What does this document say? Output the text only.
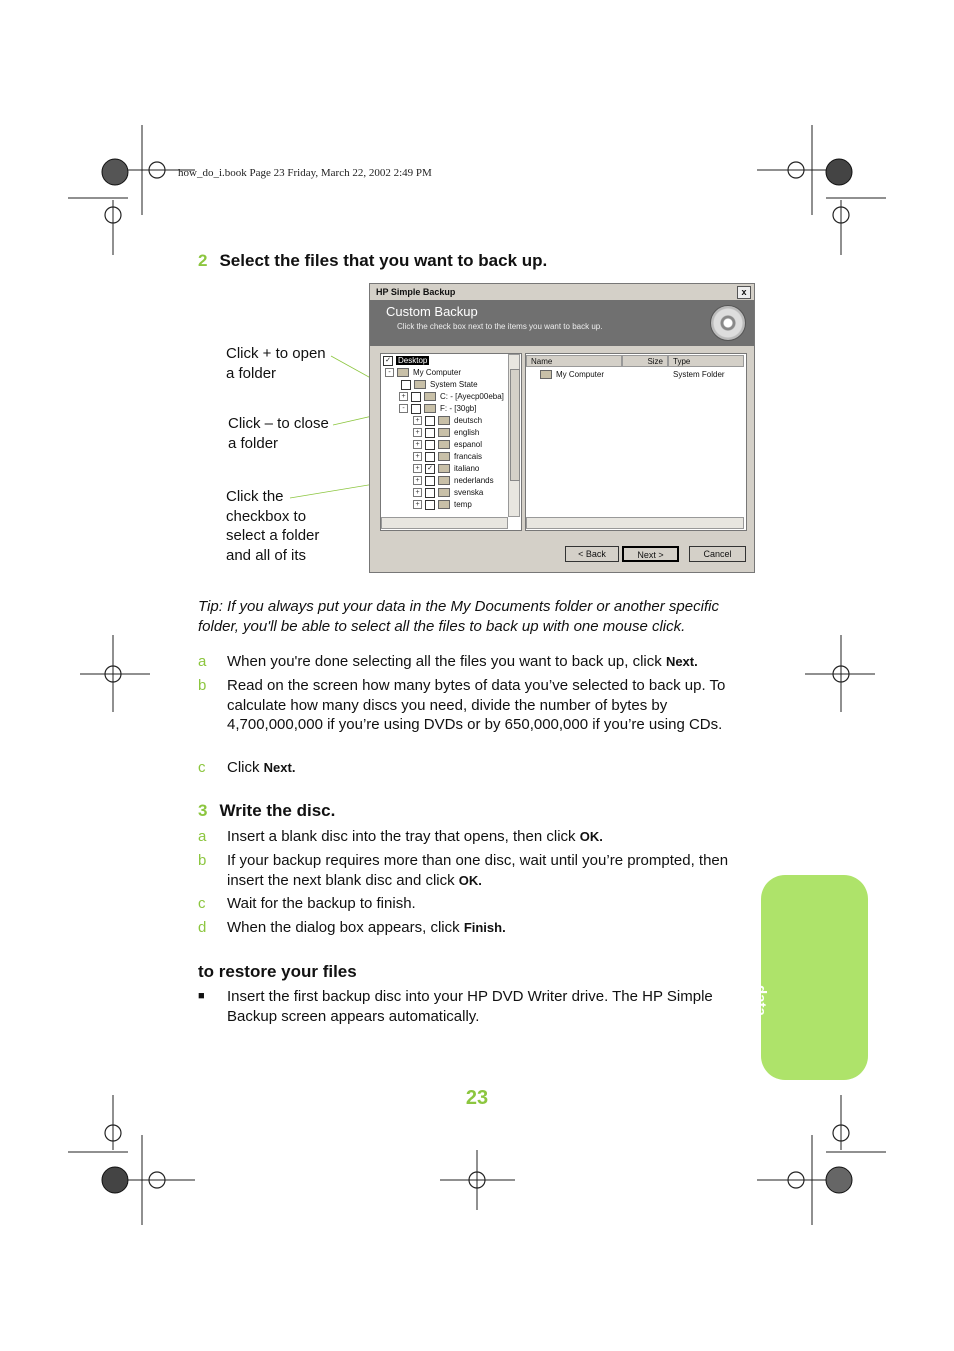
how_do_i.book Page 23 Friday, March 22, 2002 2:49 PM
2 Select the files that you want to back up.
Click + to open
a folder
Click – to close
a folder
Click the
checkbox to
select a folder
and all of its
HP Simple Backup	x
Custom Backup
Click the check box next to the items you want to back up.
✓ Desktop
-	My Computer
System State
+	C: - [Ayecp00eba]
-	F: - [30gb]
+	deutsch
+	english
+	espanol
+	francais
+ ✓	italiano
+	nederlands
+	svenska
+	temp
Name	Size	Type
My Computer	System Folder
< Back	Next >	Cancel
Tip: If you always put your data in the My Documents folder or another specific folder, you'll be able to select all the files to back up with one mouse click.
a When you're done selecting all the files you want to back up, click Next.
b Read on the screen how many bytes of data you’ve selected to back up. To calculate how many discs you need, divide the number of bytes by 4,700,000,000 if you’re using DVDs or by 650,000,000 if you’re using CDs.
c Click Next.
3 Write the disc.
a Insert a blank disc into the tray that opens, then click OK.
b If your backup requires more than one disc, wait until you’re prompted, then insert the next blank disc and click OK.
c Wait for the backup to finish.
d When the dialog box appears, click Finish.
to restore your files
■ Insert the first backup disc into your HP DVD Writer drive. The HP Simple Backup screen appears automatically.
data
23
